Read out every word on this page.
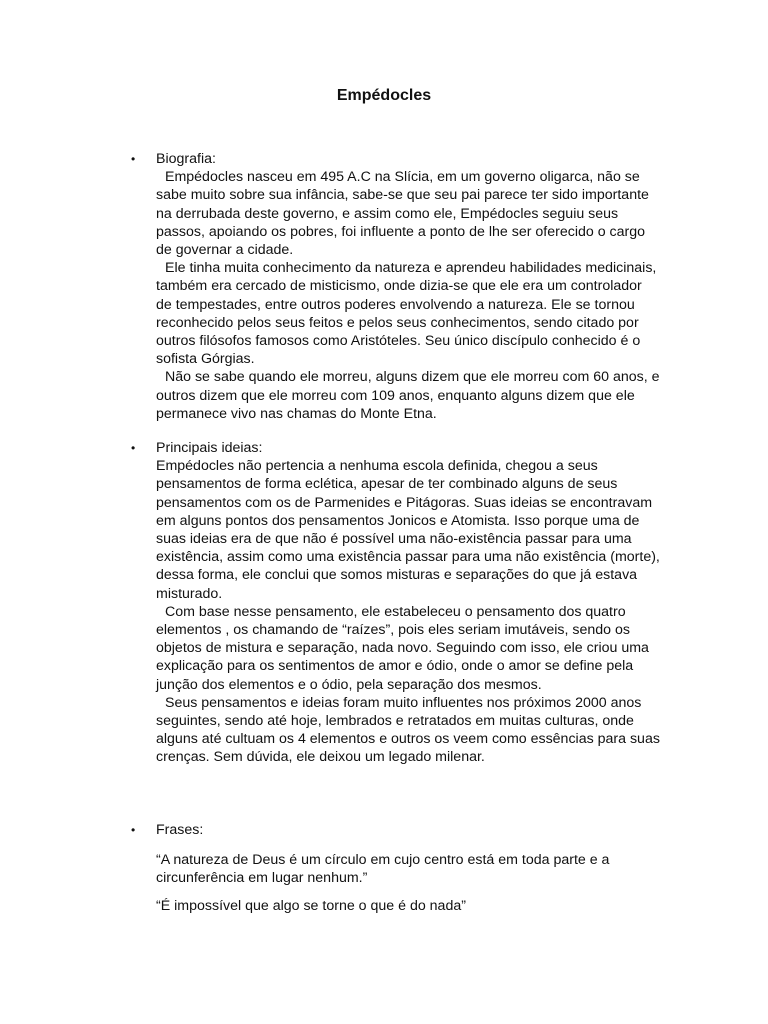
Empédocles
• Biografia:

Empédocles nasceu em 495 A.C na Slícia, em um governo oligarca, não se sabe muito sobre sua infância, sabe-se que seu pai parece ter sido importante na derrubada deste governo, e assim como ele, Empédocles seguiu seus passos, apoiando os pobres, foi influente a ponto de lhe ser oferecido o cargo de governar a cidade.

Ele tinha muita conhecimento da natureza e aprendeu habilidades medicinais, também era cercado de misticismo, onde dizia-se que ele era um controlador de tempestades, entre outros poderes envolvendo a natureza. Ele se tornou reconhecido pelos seus feitos e pelos seus conhecimentos, sendo citado por outros filósofos famosos como Aristóteles. Seu único discípulo conhecido é o sofista Górgias.

Não se sabe quando ele morreu, alguns dizem que ele morreu com 60 anos, e outros dizem que ele morreu com 109 anos, enquanto alguns dizem que ele permanece vivo nas chamas do Monte Etna.

• Principais ideias:

Empédocles não pertencia a nenhuma escola definida, chegou a seus pensamentos de forma eclética, apesar de ter combinado alguns de seus pensamentos com os de Parmenides e Pitágoras. Suas ideias se encontravam em alguns pontos dos pensamentos Jonicos e Atomista. Isso porque uma de suas ideias era de que não é possível uma não-existência passar para uma existência, assim como uma existência passar para uma não existência (morte), dessa forma, ele conclui que somos misturas e separações do que já estava misturado.

Com base nesse pensamento, ele estabeleceu o pensamento dos quatro elementos , os chamando de “raízes”, pois eles seriam imutáveis, sendo os objetos de mistura e separação, nada novo. Seguindo com isso, ele criou uma explicação para os sentimentos de amor e ódio, onde o amor se define pela junção dos elementos e o ódio, pela separação dos mesmos.

Seus pensamentos e ideias foram muito influentes nos próximos 2000 anos seguintes, sendo até hoje, lembrados e retratados em muitas culturas, onde alguns até cultuam os 4 elementos e outros os veem como essências para suas crenças. Sem dúvida, ele deixou um legado milenar.

• Frases:

“A natureza de Deus é um círculo em cujo centro está em toda parte e a circunferência em lugar nenhum.”

“É impossível que algo se torne o que é do nada”
